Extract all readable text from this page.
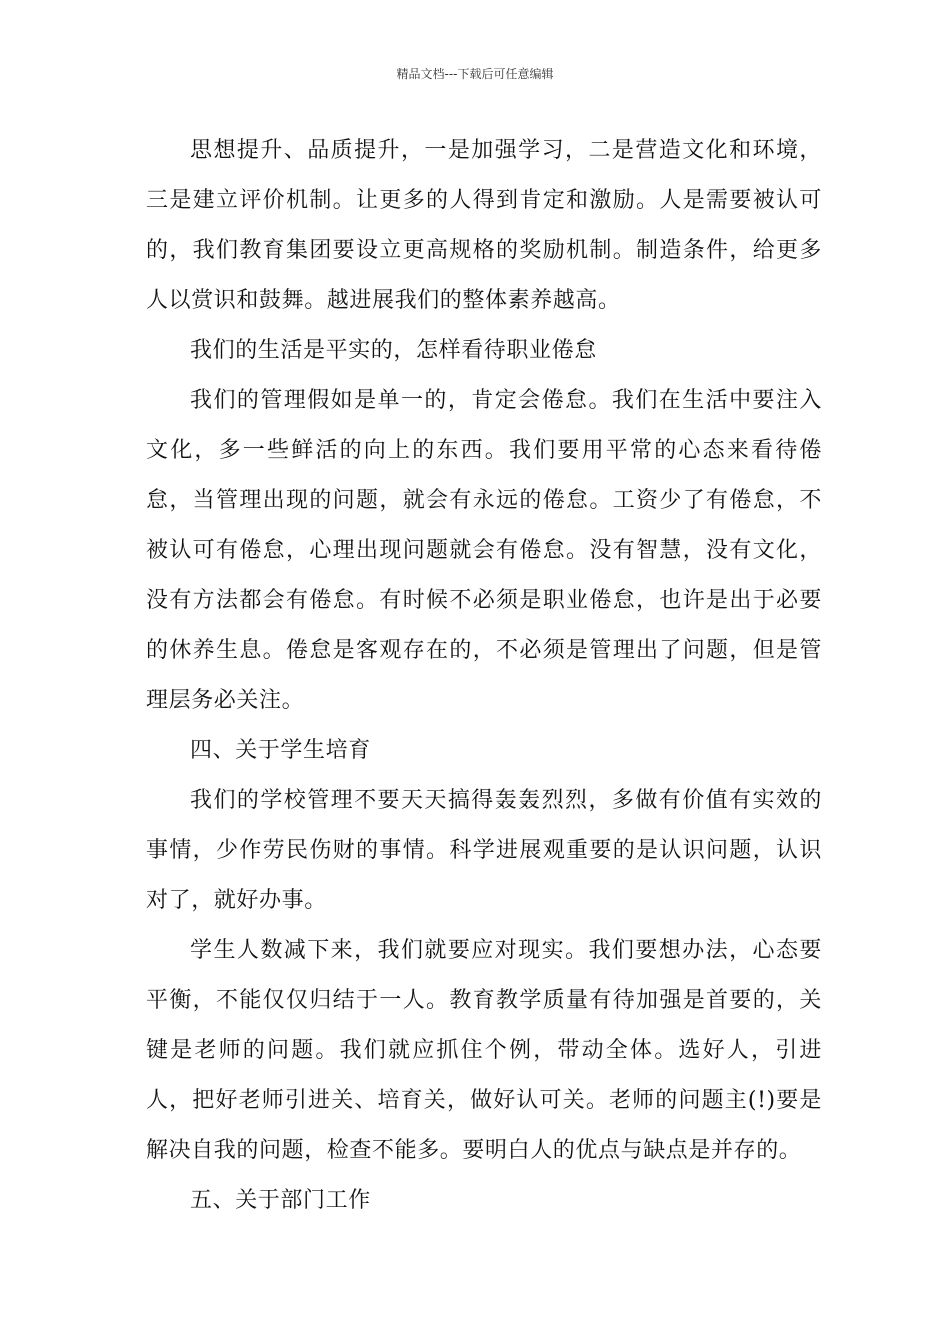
精品文档---下载后可任意编辑

思想提升、品质提升，一是加强学习，二是营造文化和环境，三是建立评价机制。让更多的人得到肯定和激励。人是需要被认可的，我们教育集团要设立更高规格的奖励机制。制造条件，给更多人以赏识和鼓舞。越进展我们的整体素养越高。

我们的生活是平实的，怎样看待职业倦怠

我们的管理假如是单一的，肯定会倦怠。我们在生活中要注入文化，多一些鲜活的向上的东西。我们要用平常的心态来看待倦怠，当管理出现的问题，就会有永远的倦怠。工资少了有倦怠，不被认可有倦怠，心理出现问题就会有倦怠。没有智慧，没有文化，没有方法都会有倦怠。有时候不必须是职业倦怠，也许是出于必要的休养生息。倦怠是客观存在的，不必须是管理出了问题，但是管理层务必关注。

四、关于学生培育

我们的学校管理不要天天搞得轰轰烈烈，多做有价值有实效的事情，少作劳民伤财的事情。科学进展观重要的是认识问题，认识对了，就好办事。

学生人数减下来，我们就要应对现实。我们要想办法，心态要平衡，不能仅仅归结于一人。教育教学质量有待加强是首要的，关键是老师的问题。我们就应抓住个例，带动全体。选好人，引进人，把好老师引进关、培育关，做好认可关。老师的问题主(!)要是解决自我的问题，检查不能多。要明白人的优点与缺点是并存的。

五、关于部门工作
